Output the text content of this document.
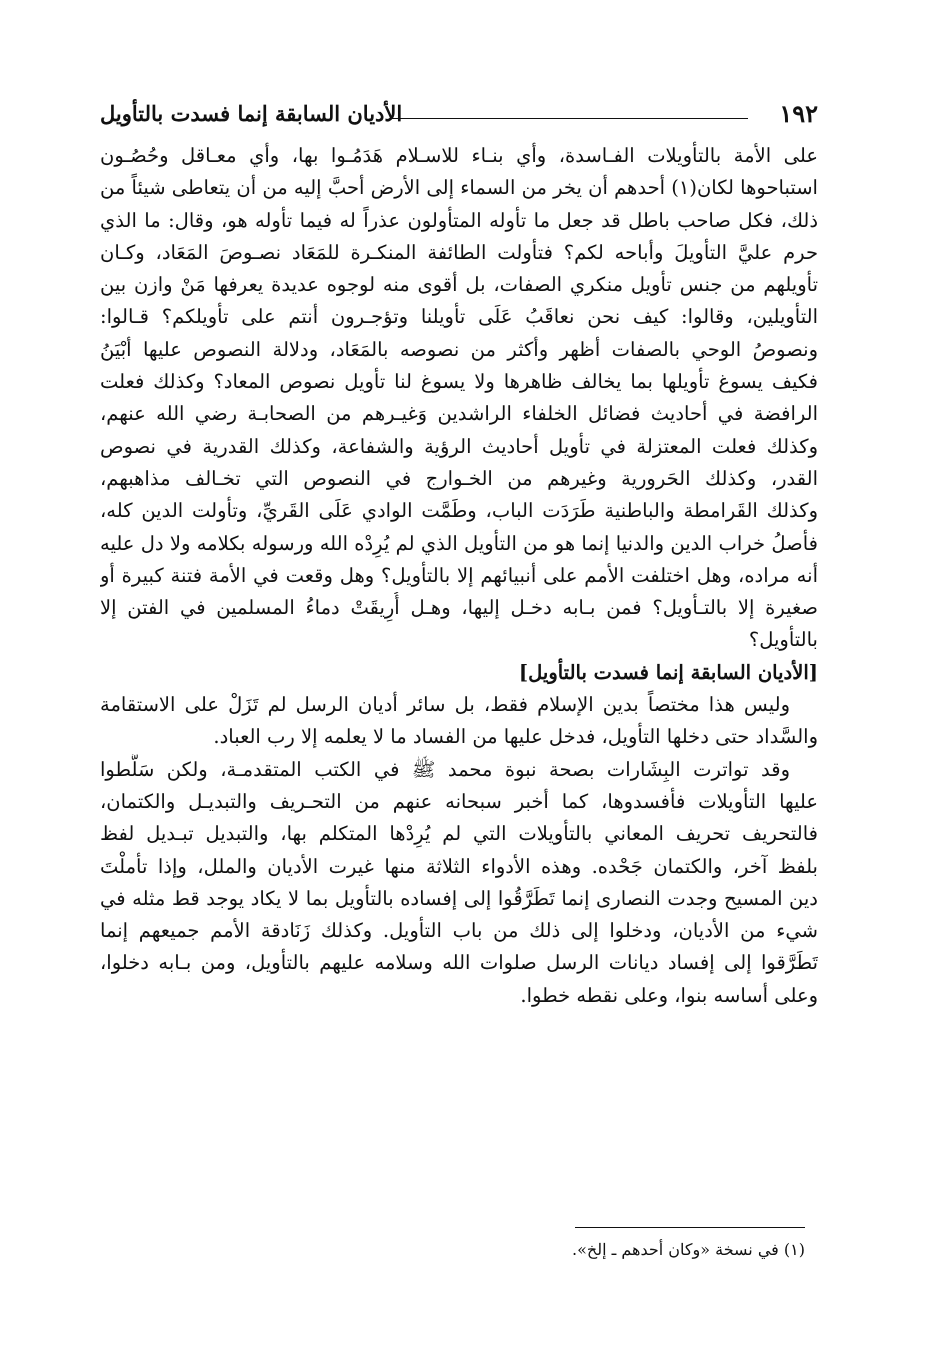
١٩٢
الأديان السابقة إنما فسدت بالتأويل
على الأمة بالتأويلات الفـاسدة، وأي بنـاء للاسـلام هَدَمُـوا بها، وأي معـاقل وحُصُـون
استباحوها لكان(١) أحدهم أن يخر من السماء إلى الأرض أحبَّ إليه من أن يتعاطى شيئاً من
ذلك، فكل صاحب باطل قد جعل ما تأوله المتأولون عذراً له فيما تأوله هو، وقال: ما الذي
حرم عليَّ التأويلَ وأباحه لكم؟ فتأولت الطائفة المنكـرة للمَعَاد نصـوصَ المَعَاد، وكـان
تأويلهم من جنس تأويل منكري الصفات، بل أقوى منه لوجوه عديدة يعرفها مَنْ وازن بين
التأويلين، وقالوا: كيف نحن نعاقَبُ عَلَى تأويلنا وتؤجـرون أنتم على تأويلكم؟ قـالوا:
ونصوصُ الوحي بالصفات أظهر وأكثر من نصوصه بالمَعَاد، ودلالة النصوص عليها أبْيَنُ
فكيف يسوغ تأويلها بما يخالف ظاهرها ولا يسوغ لنا تأويل نصوص المعاد؟ وكذلك فعلت
الرافضة في أحاديث فضائل الخلفاء الراشدين وَغيـرهم من الصحابـة رضي الله عنهم،
وكذلك فعلت المعتزلة في تأويل أحاديث الرؤية والشفاعة، وكذلك القدرية في نصوص
القدر، وكذلك الحَرورية وغيرهم من الخـوارج في النصوص التي تخـالف مذاهبهم،
وكذلك القَرامطة والباطنية طَرَدَت الباب، وطَمَّت الوادي عَلَى القَريِّ، وتأولت الدين كله،
فأصلُ خراب الدين والدنيا إنما هو من التأويل الذي لم يُرِدْه الله ورسوله بكلامه ولا دل عليه
أنه مراده، وهل اختلفت الأمم على أنبيائهم إلا بالتأويل؟ وهل وقعت في الأمة فتنة كبيرة أو
صغيرة إلا بالتـأويل؟ فمن بـابه دخـل إليها، وهـل أُرِيقَتْ دماءُ المسلمين في الفتن إلا
بالتأويل؟
[الأديان السابقة إنما فسدت بالتأويل]
وليس هذا مختصاً بدين الإسلام فقط، بل سائر أديان الرسل لم تَزَلْ على الاستقامة
والسَّداد حتى دخلها التأويل، فدخل عليها من الفساد ما لا يعلمه إلا رب العباد.
وقد تواترت البِشَارات بصحة نبوة محمد ﷺ في الكتب المتقدمـة، ولكن سَلَّطوا
عليها التأويلات فأفسدوها، كما أخبر سبحانه عنهم من التحـريف والتبديـل والكتمان،
فالتحريف تحريف المعاني بالتأويلات التي لم يُرِدْها المتكلم بها، والتبديل تبـديل لفظ
بلفظ آخر، والكتمان جَحْده. وهذه الأدواء الثلاثة منها غيرت الأديان والملل، وإذا تأملْتَ
دين المسيح وجدت النصارى إنما تَطَرَّقُوا إلى إفساده بالتأويل بما لا يكاد يوجد قط مثله في
شيء من الأديان، ودخلوا إلى ذلك من باب التأويل. وكذلك زَنَادقة الأمم جميعهم إنما
تَطَرَّقوا إلى إفساد ديانات الرسل صلوات الله وسلامه عليهم بالتأويل، ومن بـابه دخلوا،
وعلى أساسه بنوا، وعلى نقطه خطوا.
(١) في نسخة «وكان أحدهم ـ إلخ».
